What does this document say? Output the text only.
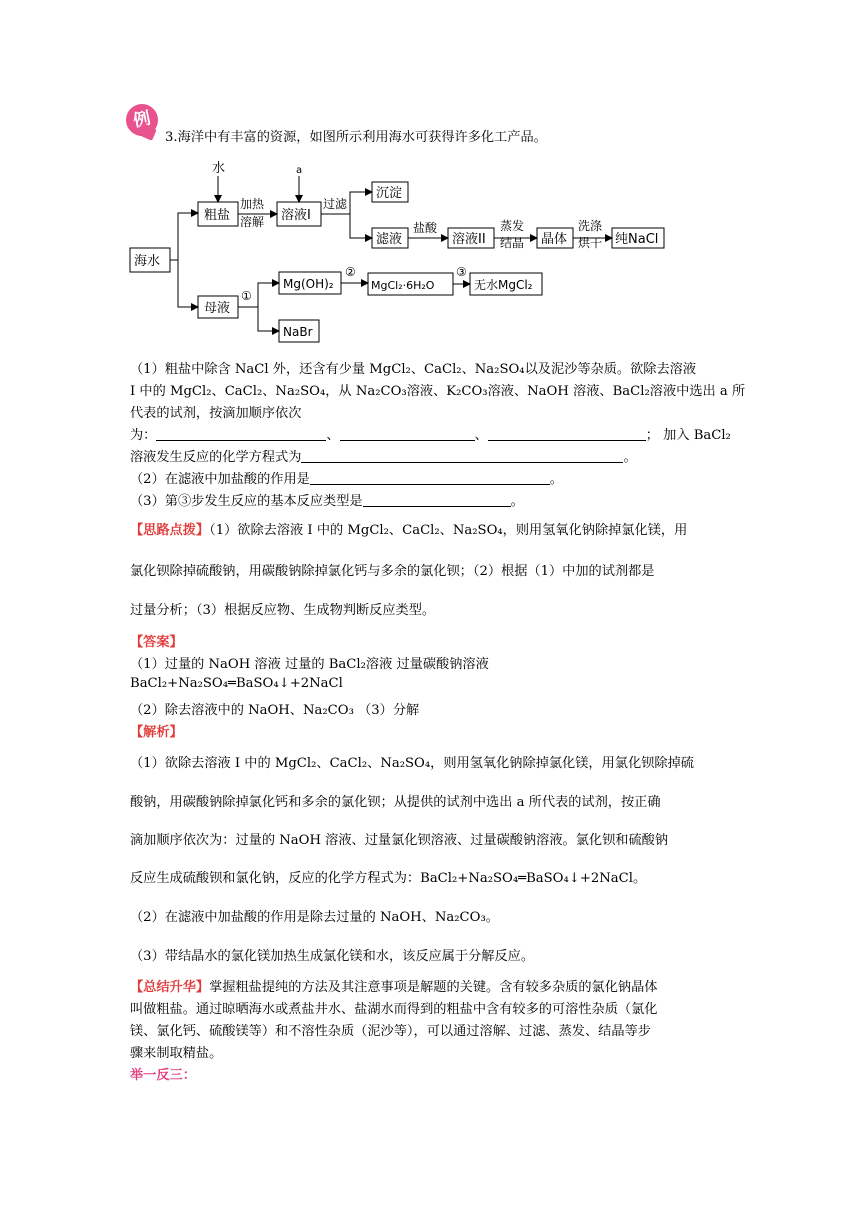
例
3.海洋中有丰富的资源，如图所示利用海水可获得许多化工产品。
水	a
海水
粗盐
加热
溶解 溶液I
过滤
沉淀
滤液
盐酸
溶液II
蒸发
结晶 晶体
洗涤
烘干 纯NaCl
母液
①
②	③
Mg(OH)₂	MgCl₂·6H₂O	无水MgCl₂
NaBr
（1）粗盐中除含 NaCl 外，还含有少量 MgCl₂、CaCl₂、Na₂SO₄以及泥沙等杂质。欲除去溶液
I 中的 MgCl₂、CaCl₂、Na₂SO₄，从 Na₂CO₃溶液、K₂CO₃溶液、NaOH 溶液、BaCl₂溶液中选出 a 所
代表的试剂，按滴加顺序依次
为：	、	、	； 加入 BaCl₂
溶液发生反应的化学方程式为	。
（2）在滤液中加盐酸的作用是	。
（3）第③步发生反应的基本反应类型是	。
【思路点拨】（1）欲除去溶液 I 中的 MgCl₂、CaCl₂、Na₂SO₄，则用氢氧化钠除掉氯化镁，用
氯化钡除掉硫酸钠，用碳酸钠除掉氯化钙与多余的氯化钡；（2）根据（1）中加的试剂都是
过量分析；（3）根据反应物、生成物判断反应类型。
【答案】
（1）过量的 NaOH 溶液 过量的 BaCl₂溶液 过量碳酸钠溶液
BaCl₂+Na₂SO₄═BaSO₄↓+2NaCl
（2）除去溶液中的 NaOH、Na₂CO₃ （3）分解
【解析】
（1）欲除去溶液 I 中的 MgCl₂、CaCl₂、Na₂SO₄，则用氢氧化钠除掉氯化镁，用氯化钡除掉硫
酸钠，用碳酸钠除掉氯化钙和多余的氯化钡；从提供的试剂中选出 a 所代表的试剂，按正确
滴加顺序依次为：过量的 NaOH 溶液、过量氯化钡溶液、过量碳酸钠溶液。氯化钡和硫酸钠
反应生成硫酸钡和氯化钠，反应的化学方程式为：BaCl₂+Na₂SO₄═BaSO₄↓+2NaCl。
（2）在滤液中加盐酸的作用是除去过量的 NaOH、Na₂CO₃。
（3）带结晶水的氯化镁加热生成氯化镁和水，该反应属于分解反应。
【总结升华】掌握粗盐提纯的方法及其注意事项是解题的关键。含有较多杂质的氯化钠晶体
叫做粗盐。通过晾晒海水或煮盐井水、盐湖水而得到的粗盐中含有较多的可溶性杂质（氯化
镁、氯化钙、硫酸镁等）和不溶性杂质（泥沙等），可以通过溶解、过滤、蒸发、结晶等步
骤来制取精盐。
举一反三：
